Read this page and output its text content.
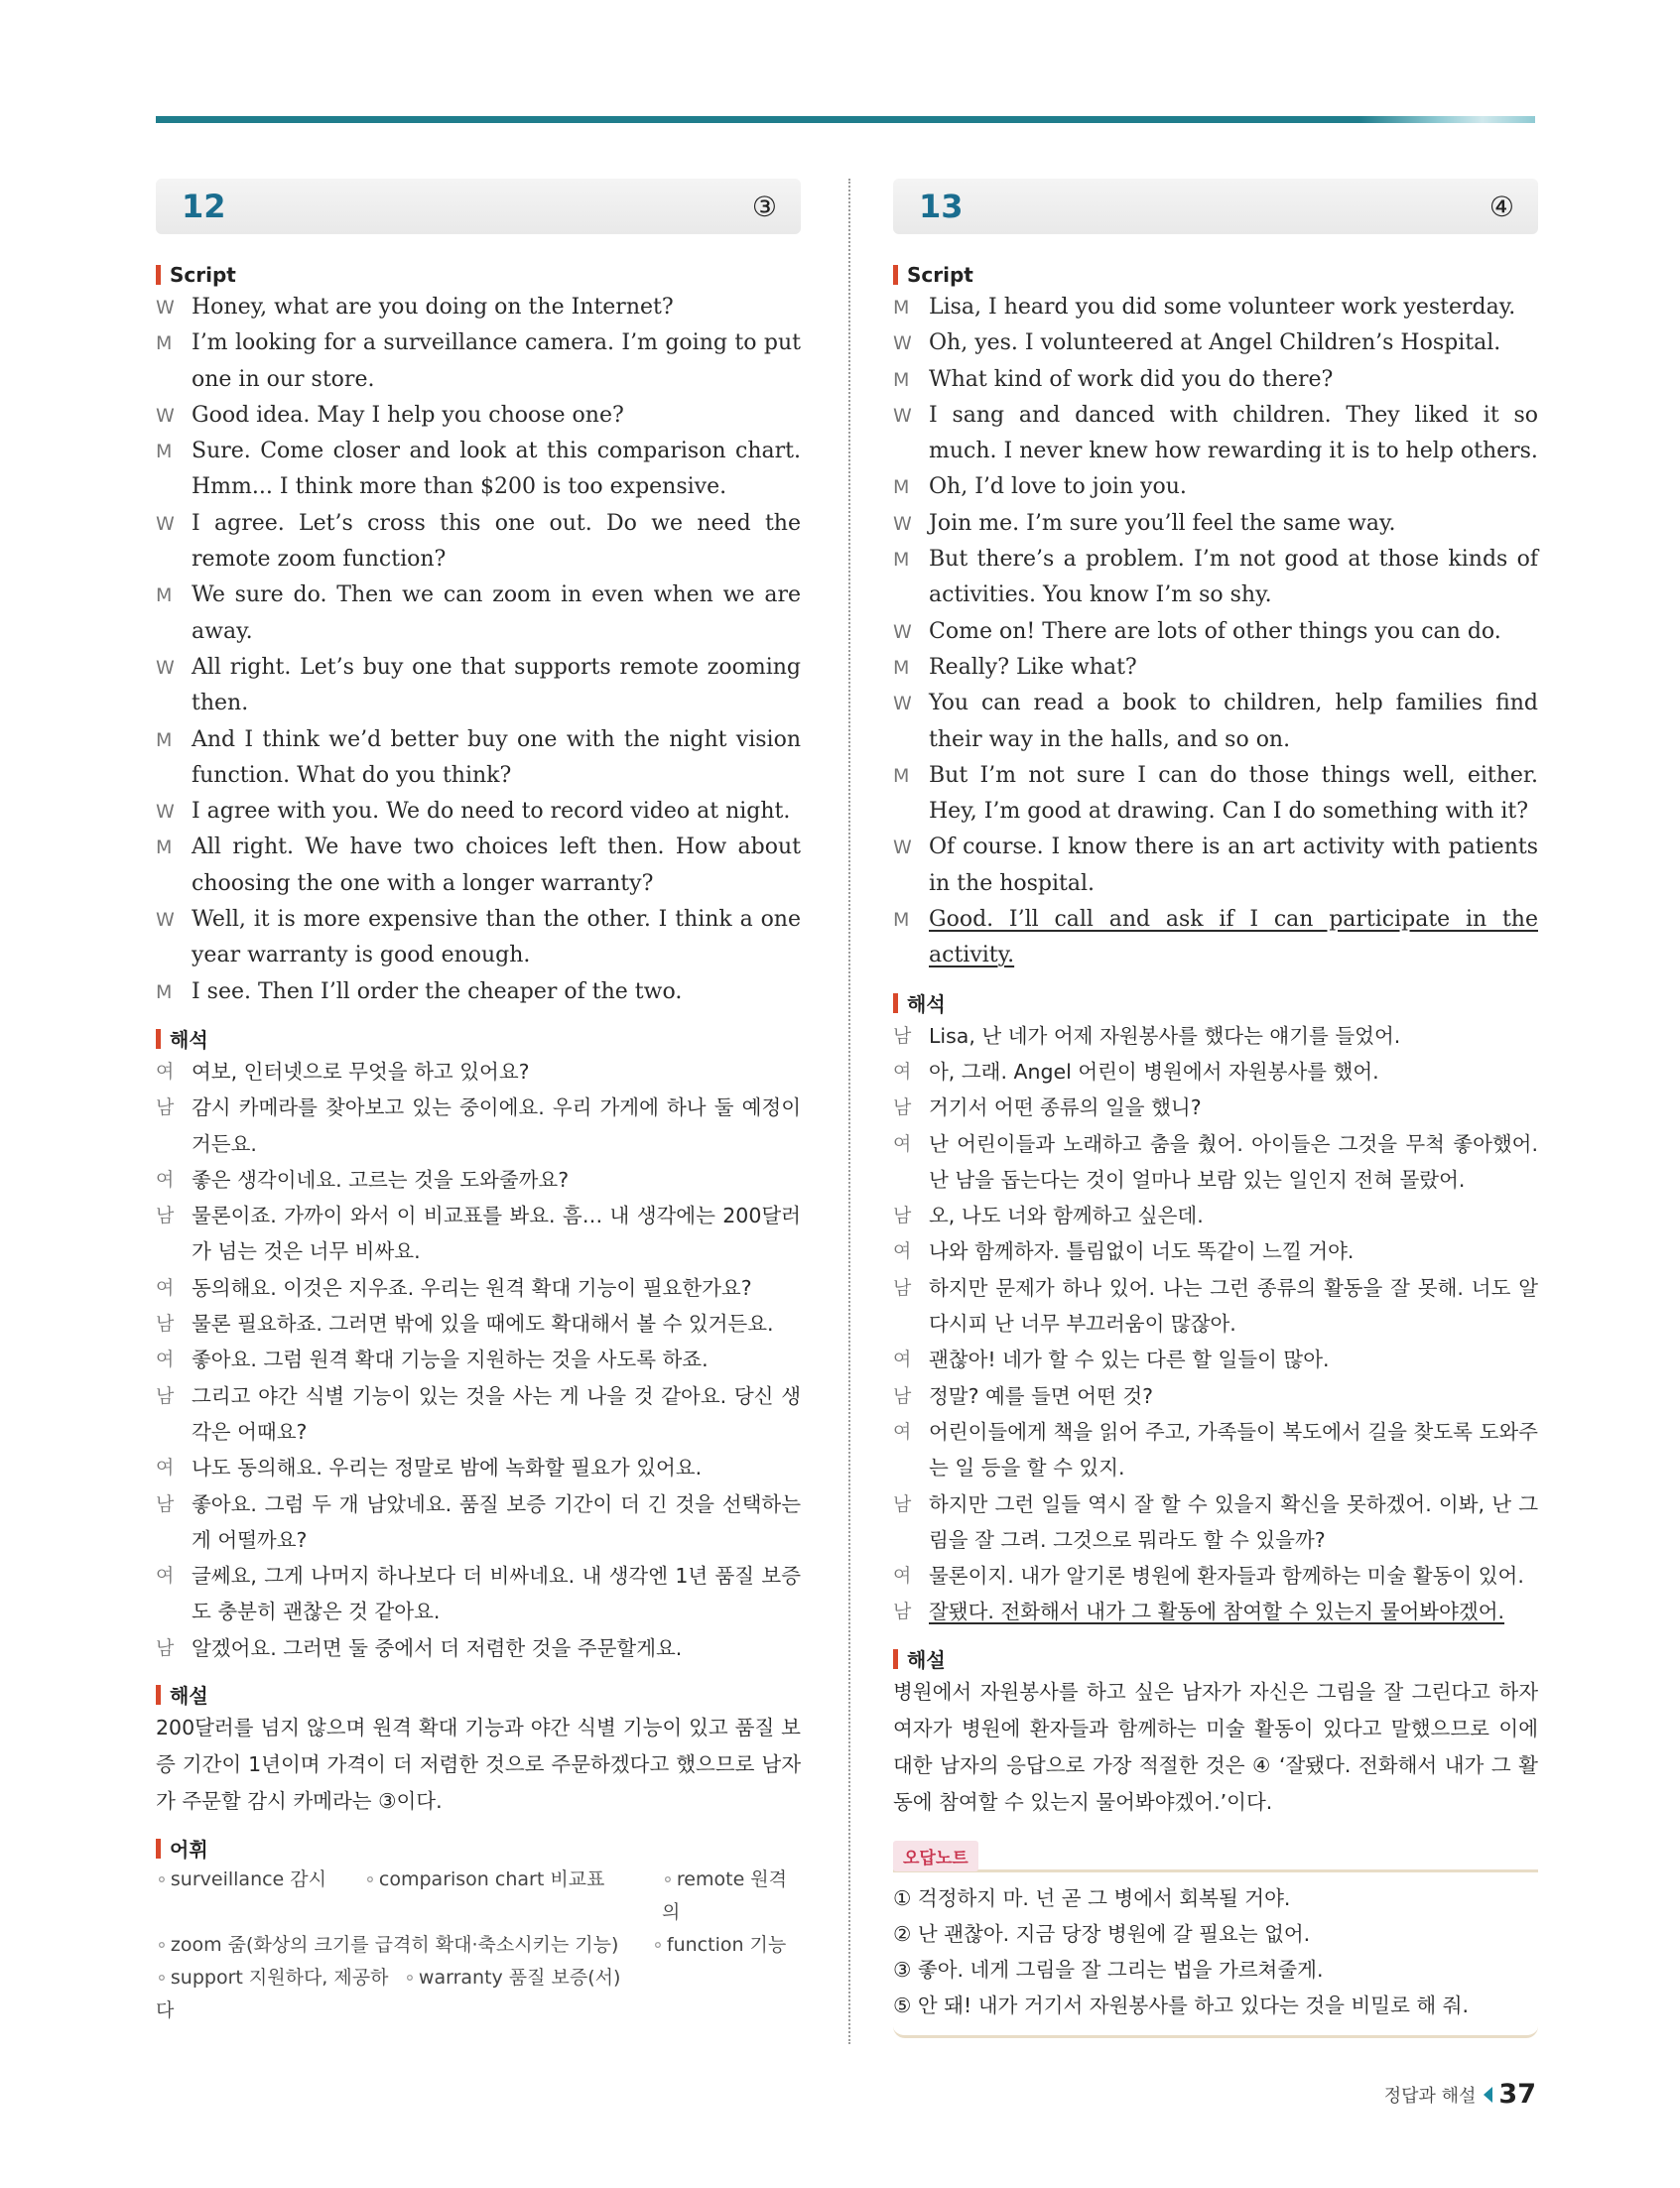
12	③
Script
W Honey, what are you doing on the Internet?
M I’m looking for a surveillance camera. I’m going to put one in our store.
W Good idea. May I help you choose one?
M Sure. Come closer and look at this comparison chart. Hmm... I think more than $200 is too expensive.
W I agree. Let’s cross this one out. Do we need the remote zoom function?
M We sure do. Then we can zoom in even when we are away.
W All right. Let’s buy one that supports remote zooming then.
M And I think we’d better buy one with the night vision function. What do you think?
W I agree with you. We do need to record video at night.
M All right. We have two choices left then. How about choosing the one with a longer warranty?
W Well, it is more expensive than the other. I think a one year warranty is good enough.
M I see. Then I’ll order the cheaper of the two.
해석
여 여보, 인터넷으로 무엇을 하고 있어요?
남 감시 카메라를 찾아보고 있는 중이에요. 우리 가게에 하나 둘 예정이거든요.
여 좋은 생각이네요. 고르는 것을 도와줄까요?
남 물론이죠. 가까이 와서 이 비교표를 봐요. 흠… 내 생각에는 200달러가 넘는 것은 너무 비싸요.
여 동의해요. 이것은 지우죠. 우리는 원격 확대 기능이 필요한가요?
남 물론 필요하죠. 그러면 밖에 있을 때에도 확대해서 볼 수 있거든요.
여 좋아요. 그럼 원격 확대 기능을 지원하는 것을 사도록 하죠.
남 그리고 야간 식별 기능이 있는 것을 사는 게 나을 것 같아요. 당신 생각은 어때요?
여 나도 동의해요. 우리는 정말로 밤에 녹화할 필요가 있어요.
남 좋아요. 그럼 두 개 남았네요. 품질 보증 기간이 더 긴 것을 선택하는 게 어떨까요?
여 글쎄요, 그게 나머지 하나보다 더 비싸네요. 내 생각엔 1년 품질 보증도 충분히 괜찮은 것 같아요.
남 알겠어요. 그러면 둘 중에서 더 저렴한 것을 주문할게요.
해설
200달러를 넘지 않으며 원격 확대 기능과 야간 식별 기능이 있고 품질 보증 기간이 1년이며 가격이 더 저렴한 것으로 주문하겠다고 했으므로 남자가 주문할 감시 카메라는 ③이다.
어휘
∘ surveillance 감시	∘ comparison chart 비교표	∘ remote 원격의
∘ zoom 줌(화상의 크기를 급격히 확대·축소시키는 기능)	∘ function 기능
∘ support 지원하다, 제공하다
∘ warranty 품질 보증(서)
13	④
Script
M Lisa, I heard you did some volunteer work yesterday.
W Oh, yes. I volunteered at Angel Children’s Hospital.
M What kind of work did you do there?
W I sang and danced with children. They liked it so much. I never knew how rewarding it is to help others.
M Oh, I’d love to join you.
W Join me. I’m sure you’ll feel the same way.
M But there’s a problem. I’m not good at those kinds of activities. You know I’m so shy.
W Come on! There are lots of other things you can do.
M Really? Like what?
W You can read a book to children, help families find their way in the halls, and so on.
M But I’m not sure I can do those things well, either. Hey, I’m good at drawing. Can I do something with it?
W Of course. I know there is an art activity with patients in the hospital.
M Good. I’ll call and ask if I can participate in the activity.
해석
남 Lisa, 난 네가 어제 자원봉사를 했다는 얘기를 들었어.
여 아, 그래. Angel 어린이 병원에서 자원봉사를 했어.
남 거기서 어떤 종류의 일을 했니?
여 난 어린이들과 노래하고 춤을 췄어. 아이들은 그것을 무척 좋아했어. 난 남을 돕는다는 것이 얼마나 보람 있는 일인지 전혀 몰랐어.
남 오, 나도 너와 함께하고 싶은데.
여 나와 함께하자. 틀림없이 너도 똑같이 느낄 거야.
남 하지만 문제가 하나 있어. 나는 그런 종류의 활동을 잘 못해. 너도 알다시피 난 너무 부끄러움이 많잖아.
여 괜찮아! 네가 할 수 있는 다른 할 일들이 많아.
남 정말? 예를 들면 어떤 것?
여 어린이들에게 책을 읽어 주고, 가족들이 복도에서 길을 찾도록 도와주는 일 등을 할 수 있지.
남 하지만 그런 일들 역시 잘 할 수 있을지 확신을 못하겠어. 이봐, 난 그림을 잘 그려. 그것으로 뭐라도 할 수 있을까?
여 물론이지. 내가 알기론 병원에 환자들과 함께하는 미술 활동이 있어.
남 잘됐다. 전화해서 내가 그 활동에 참여할 수 있는지 물어봐야겠어.
해설
병원에서 자원봉사를 하고 싶은 남자가 자신은 그림을 잘 그린다고 하자 여자가 병원에 환자들과 함께하는 미술 활동이 있다고 말했으므로 이에 대한 남자의 응답으로 가장 적절한 것은 ④ ‘잘됐다. 전화해서 내가 그 활동에 참여할 수 있는지 물어봐야겠어.’이다.
오답노트
① 걱정하지 마. 넌 곧 그 병에서 회복될 거야.
② 난 괜찮아. 지금 당장 병원에 갈 필요는 없어.
③ 좋아. 네게 그림을 잘 그리는 법을 가르쳐줄게.
⑤ 안 돼! 내가 거기서 자원봉사를 하고 있다는 것을 비밀로 해 줘.
정답과 해설 37
